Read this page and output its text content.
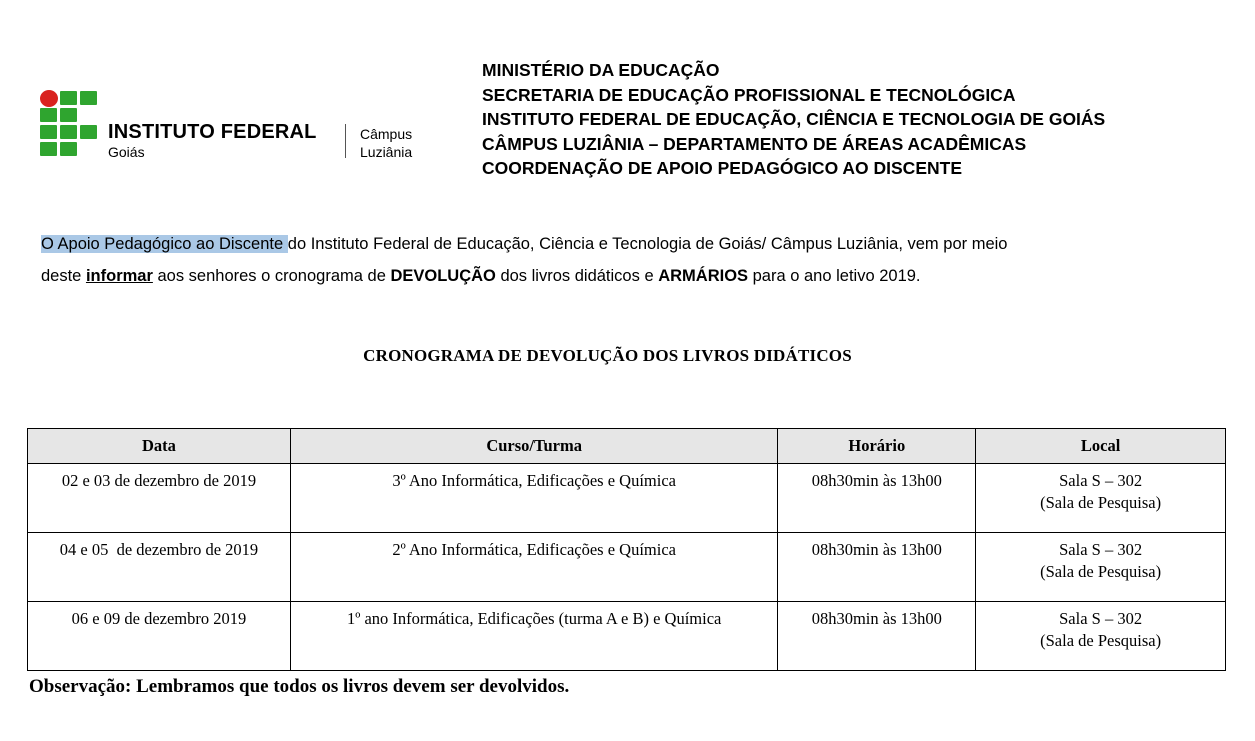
INSTITUTO FEDERAL
Goiás
Câmpus
Luziânia
MINISTÉRIO DA EDUCAÇÃO
SECRETARIA DE EDUCAÇÃO PROFISSIONAL E TECNOLÓGICA
INSTITUTO FEDERAL DE EDUCAÇÃO, CIÊNCIA E TECNOLOGIA DE GOIÁS
CÂMPUS LUZIÂNIA – DEPARTAMENTO DE ÁREAS ACADÊMICAS
COORDENAÇÃO DE APOIO PEDAGÓGICO AO DISCENTE
O Apoio Pedagógico ao Discente do Instituto Federal de Educação, Ciência e Tecnologia de Goiás/ Câmpus Luziânia, vem por meio
deste informar aos senhores o cronograma de DEVOLUÇÃO dos livros didáticos e ARMÁRIOS para o ano letivo 2019.
CRONOGRAMA DE DEVOLUÇÃO DOS LIVROS DIDÁTICOS
Data	Curso/Turma	Horário	Local
02 e 03 de dezembro de 2019	3º Ano Informática, Edificações e Química	08h30min às 13h00	Sala S – 302
(Sala de Pesquisa)

04 e 05  de dezembro de 2019	2º Ano Informática, Edificações e Química	08h30min às 13h00	Sala S – 302
(Sala de Pesquisa)

06 e 09 de dezembro 2019	1º ano Informática, Edificações (turma A e B) e Química	08h30min às 13h00	Sala S – 302
(Sala de Pesquisa)
Observação: Lembramos que todos os livros devem ser devolvidos.
